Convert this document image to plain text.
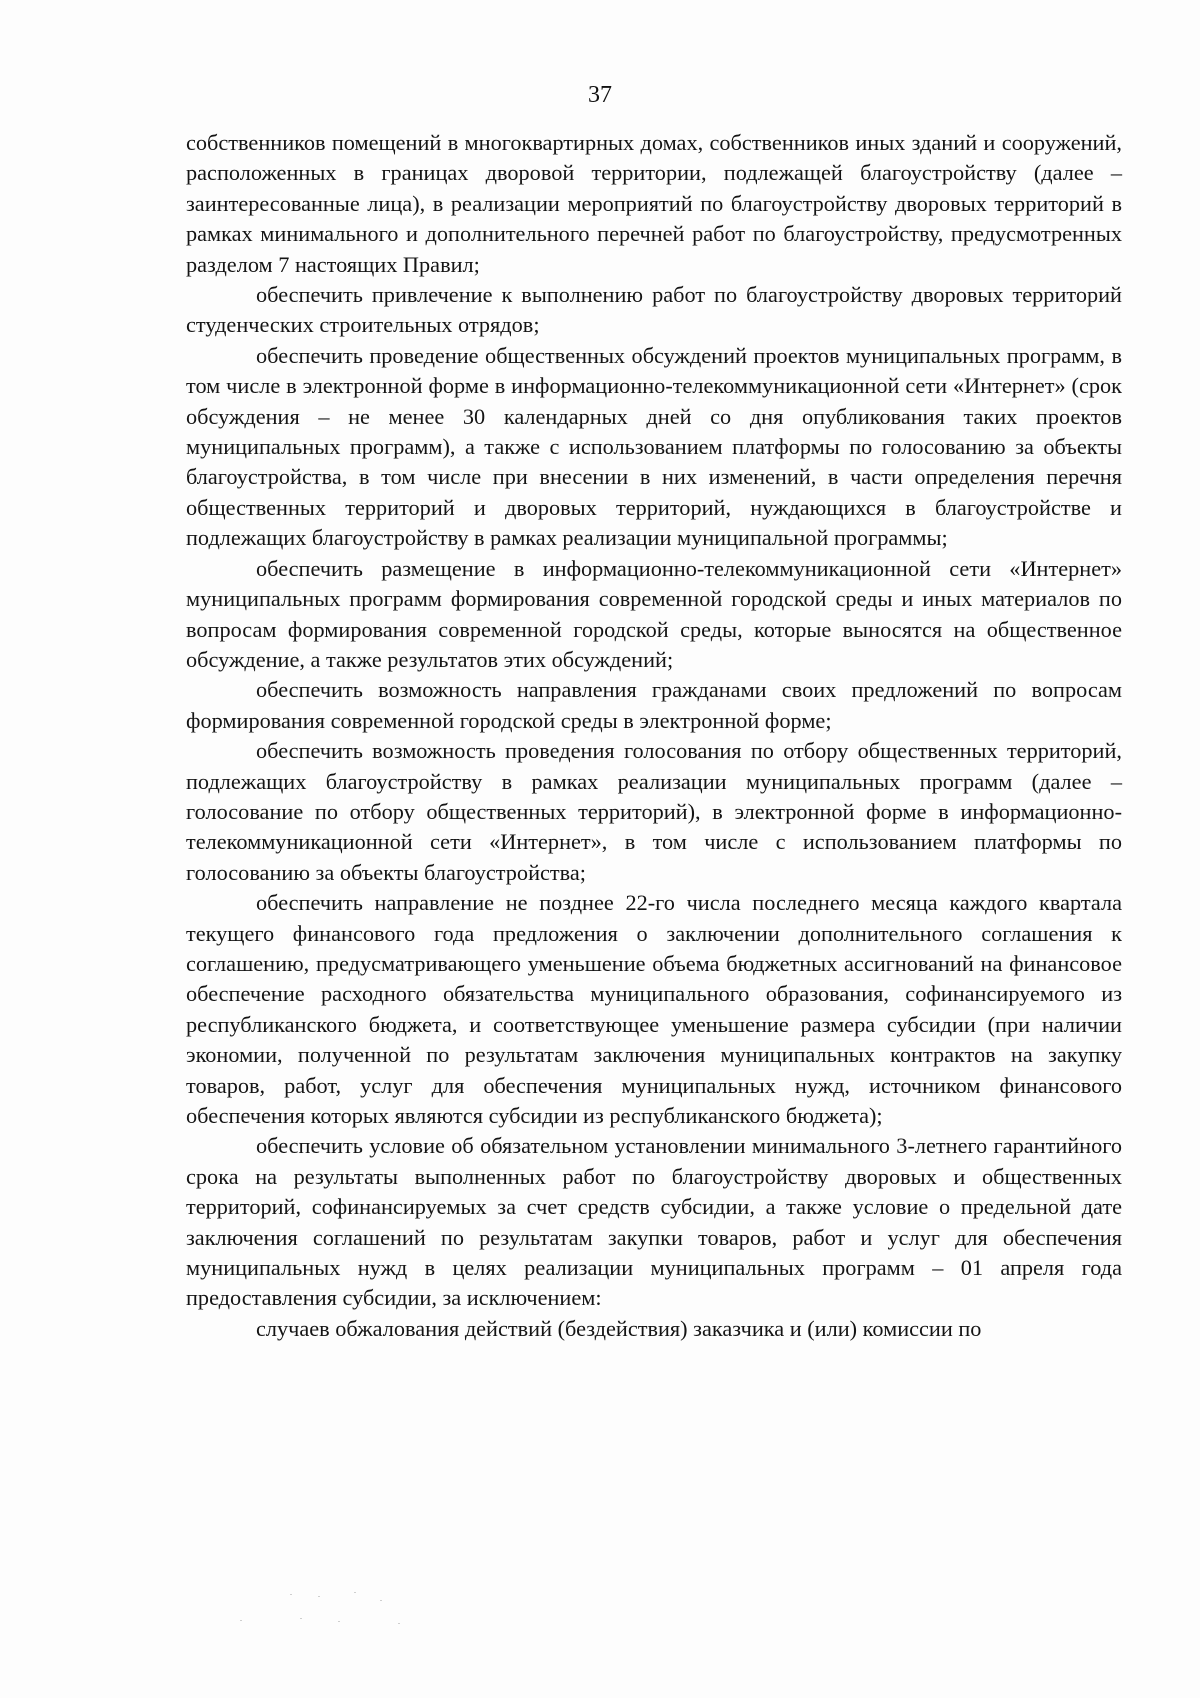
37

собственников помещений в многоквартирных домах, собственников иных зданий и сооружений, расположенных в границах дворовой территории, подлежащей благоустройству (далее – заинтересованные лица), в реализации мероприятий по благоустройству дворовых территорий в рамках минимального и дополнительного перечней работ по благоустройству, предусмотренных разделом 7 настоящих Правил;

обеспечить привлечение к выполнению работ по благоустройству дворовых территорий студенческих строительных отрядов;

обеспечить проведение общественных обсуждений проектов муниципальных программ, в том числе в электронной форме в информационно-телекоммуникационной сети «Интернет» (срок обсуждения – не менее 30 календарных дней со дня опубликования таких проектов муниципальных программ), а также с использованием платформы по голосованию за объекты благоустройства, в том числе при внесении в них изменений, в части определения перечня общественных территорий и дворовых территорий, нуждающихся в благоустройстве и подлежащих благоустройству в рамках реализации муниципальной программы;

обеспечить размещение в информационно-телекоммуникационной сети «Интернет» муниципальных программ формирования современной городской среды и иных материалов по вопросам формирования современной городской среды, которые выносятся на общественное обсуждение, а также результатов этих обсуждений;

обеспечить возможность направления гражданами своих предложений по вопросам формирования современной городской среды в электронной форме;

обеспечить возможность проведения голосования по отбору общественных территорий, подлежащих благоустройству в рамках реализации муниципальных программ (далее – голосование по отбору общественных территорий), в электронной форме в информационно-телекоммуникационной сети «Интернет», в том числе с использованием платформы по голосованию за объекты благоустройства;

обеспечить направление не позднее 22-го числа последнего месяца каждого квартала текущего финансового года предложения о заключении дополнительного соглашения к соглашению, предусматривающего уменьшение объема бюджетных ассигнований на финансовое обеспечение расходного обязательства муниципального образования, софинансируемого из республиканского бюджета, и соответствующее уменьшение размера субсидии (при наличии экономии, полученной по результатам заключения муниципальных контрактов на закупку товаров, работ, услуг для обеспечения муниципальных нужд, источником финансового обеспечения которых являются субсидии из республиканского бюджета);

обеспечить условие об обязательном установлении минимального 3-летнего гарантийного срока на результаты выполненных работ по благоустройству дворовых и общественных территорий, софинансируемых за счет средств субсидии, а также условие о предельной дате заключения соглашений по результатам закупки товаров, работ и услуг для обеспечения муниципальных нужд в целях реализации муниципальных программ – 01 апреля года предоставления субсидии, за исключением:

случаев обжалования действий (бездействия) заказчика и (или) комиссии по
